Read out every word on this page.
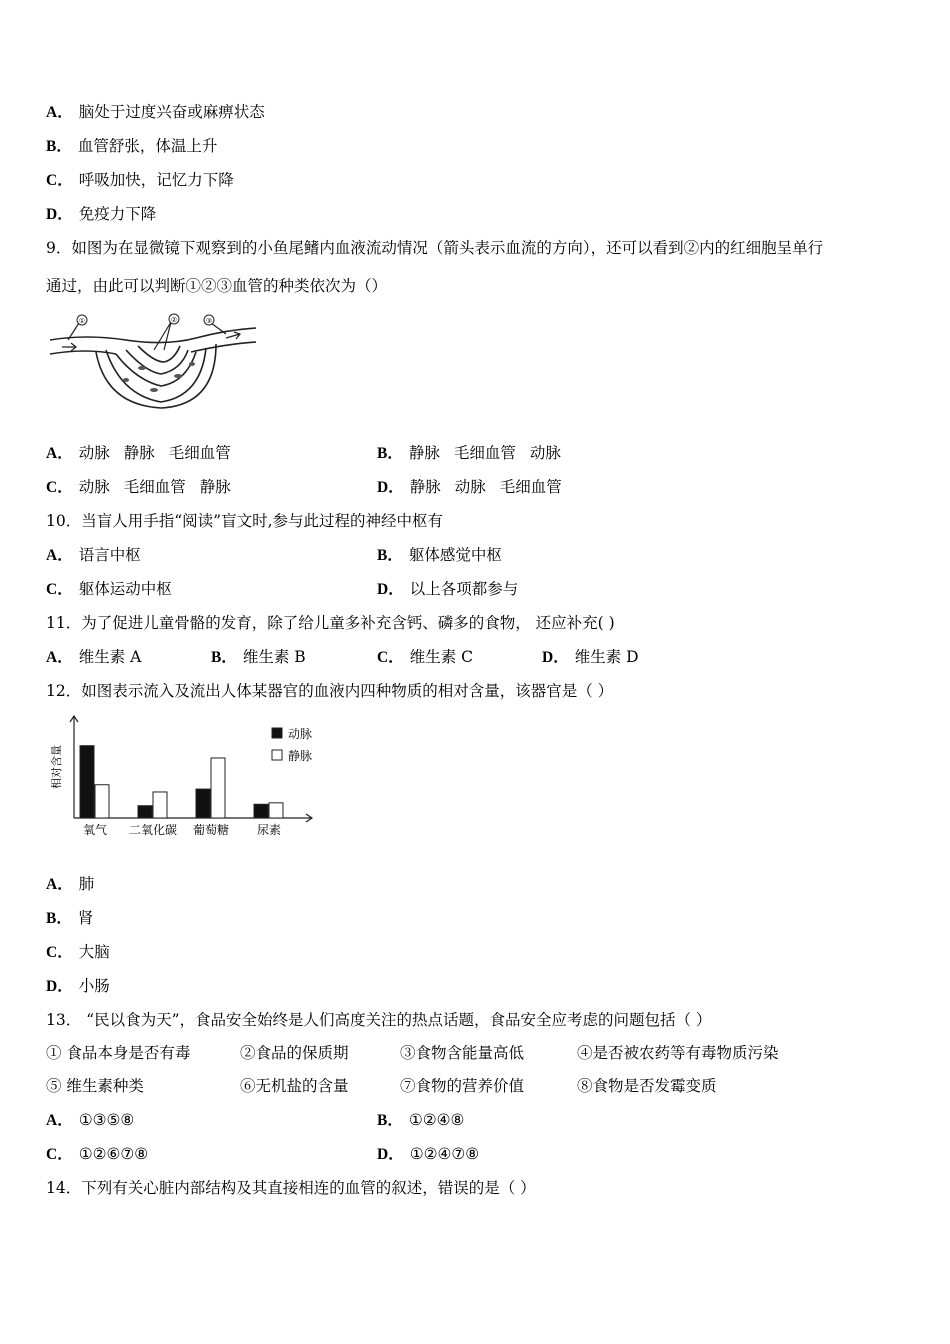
A． 脑处于过度兴奋或麻痹状态
B． 血管舒张，体温上升
C． 呼吸加快，记忆力下降
D． 免疫力下降
9．如图为在显微镜下观察到的小鱼尾鳍内血液流动情况（箭头表示血流的方向），还可以看到②内的红细胞呈单行
通过，由此可以判断①②③血管的种类依次为（）
①	②	③
A． 动脉 静脉 毛细血管	B． 静脉 毛细血管 动脉
C． 动脉 毛细血管 静脉	D． 静脉 动脉 毛细血管
10．当盲人用手指“阅读”盲文时,参与此过程的神经中枢有
A． 语言中枢	B． 躯体感觉中枢
C． 躯体运动中枢	D． 以上各项都参与
11．为了促进儿童骨骼的发育，除了给儿童多补充含钙、磷多的食物， 还应补充( )
A． 维生素 A	B． 维生素 B	C． 维生素 C	D． 维生素 D
12．如图表示流入及流出人体某器官的血液内四种物质的相对含量，该器官是（ ）
相对含量
氧气 二氧化碳 葡萄糖 尿素
动脉
静脉
A． 肺
B． 肾
C． 大脑
D． 小肠
13． “民以食为天”，食品安全始终是人们高度关注的热点话题，食品安全应考虑的问题包括（ ）
① 食品本身是否有毒	②食品的保质期	③食物含能量高低	④是否被农药等有毒物质污染
⑤ 维生素种类	⑥无机盐的含量	⑦食物的营养价值	⑧食物是否发霉变质
A． ①③⑤⑧	B． ①②④⑧
C． ①②⑥⑦⑧	D． ①②④⑦⑧
14．下列有关心脏内部结构及其直接相连的血管的叙述，错误的是（ ）
